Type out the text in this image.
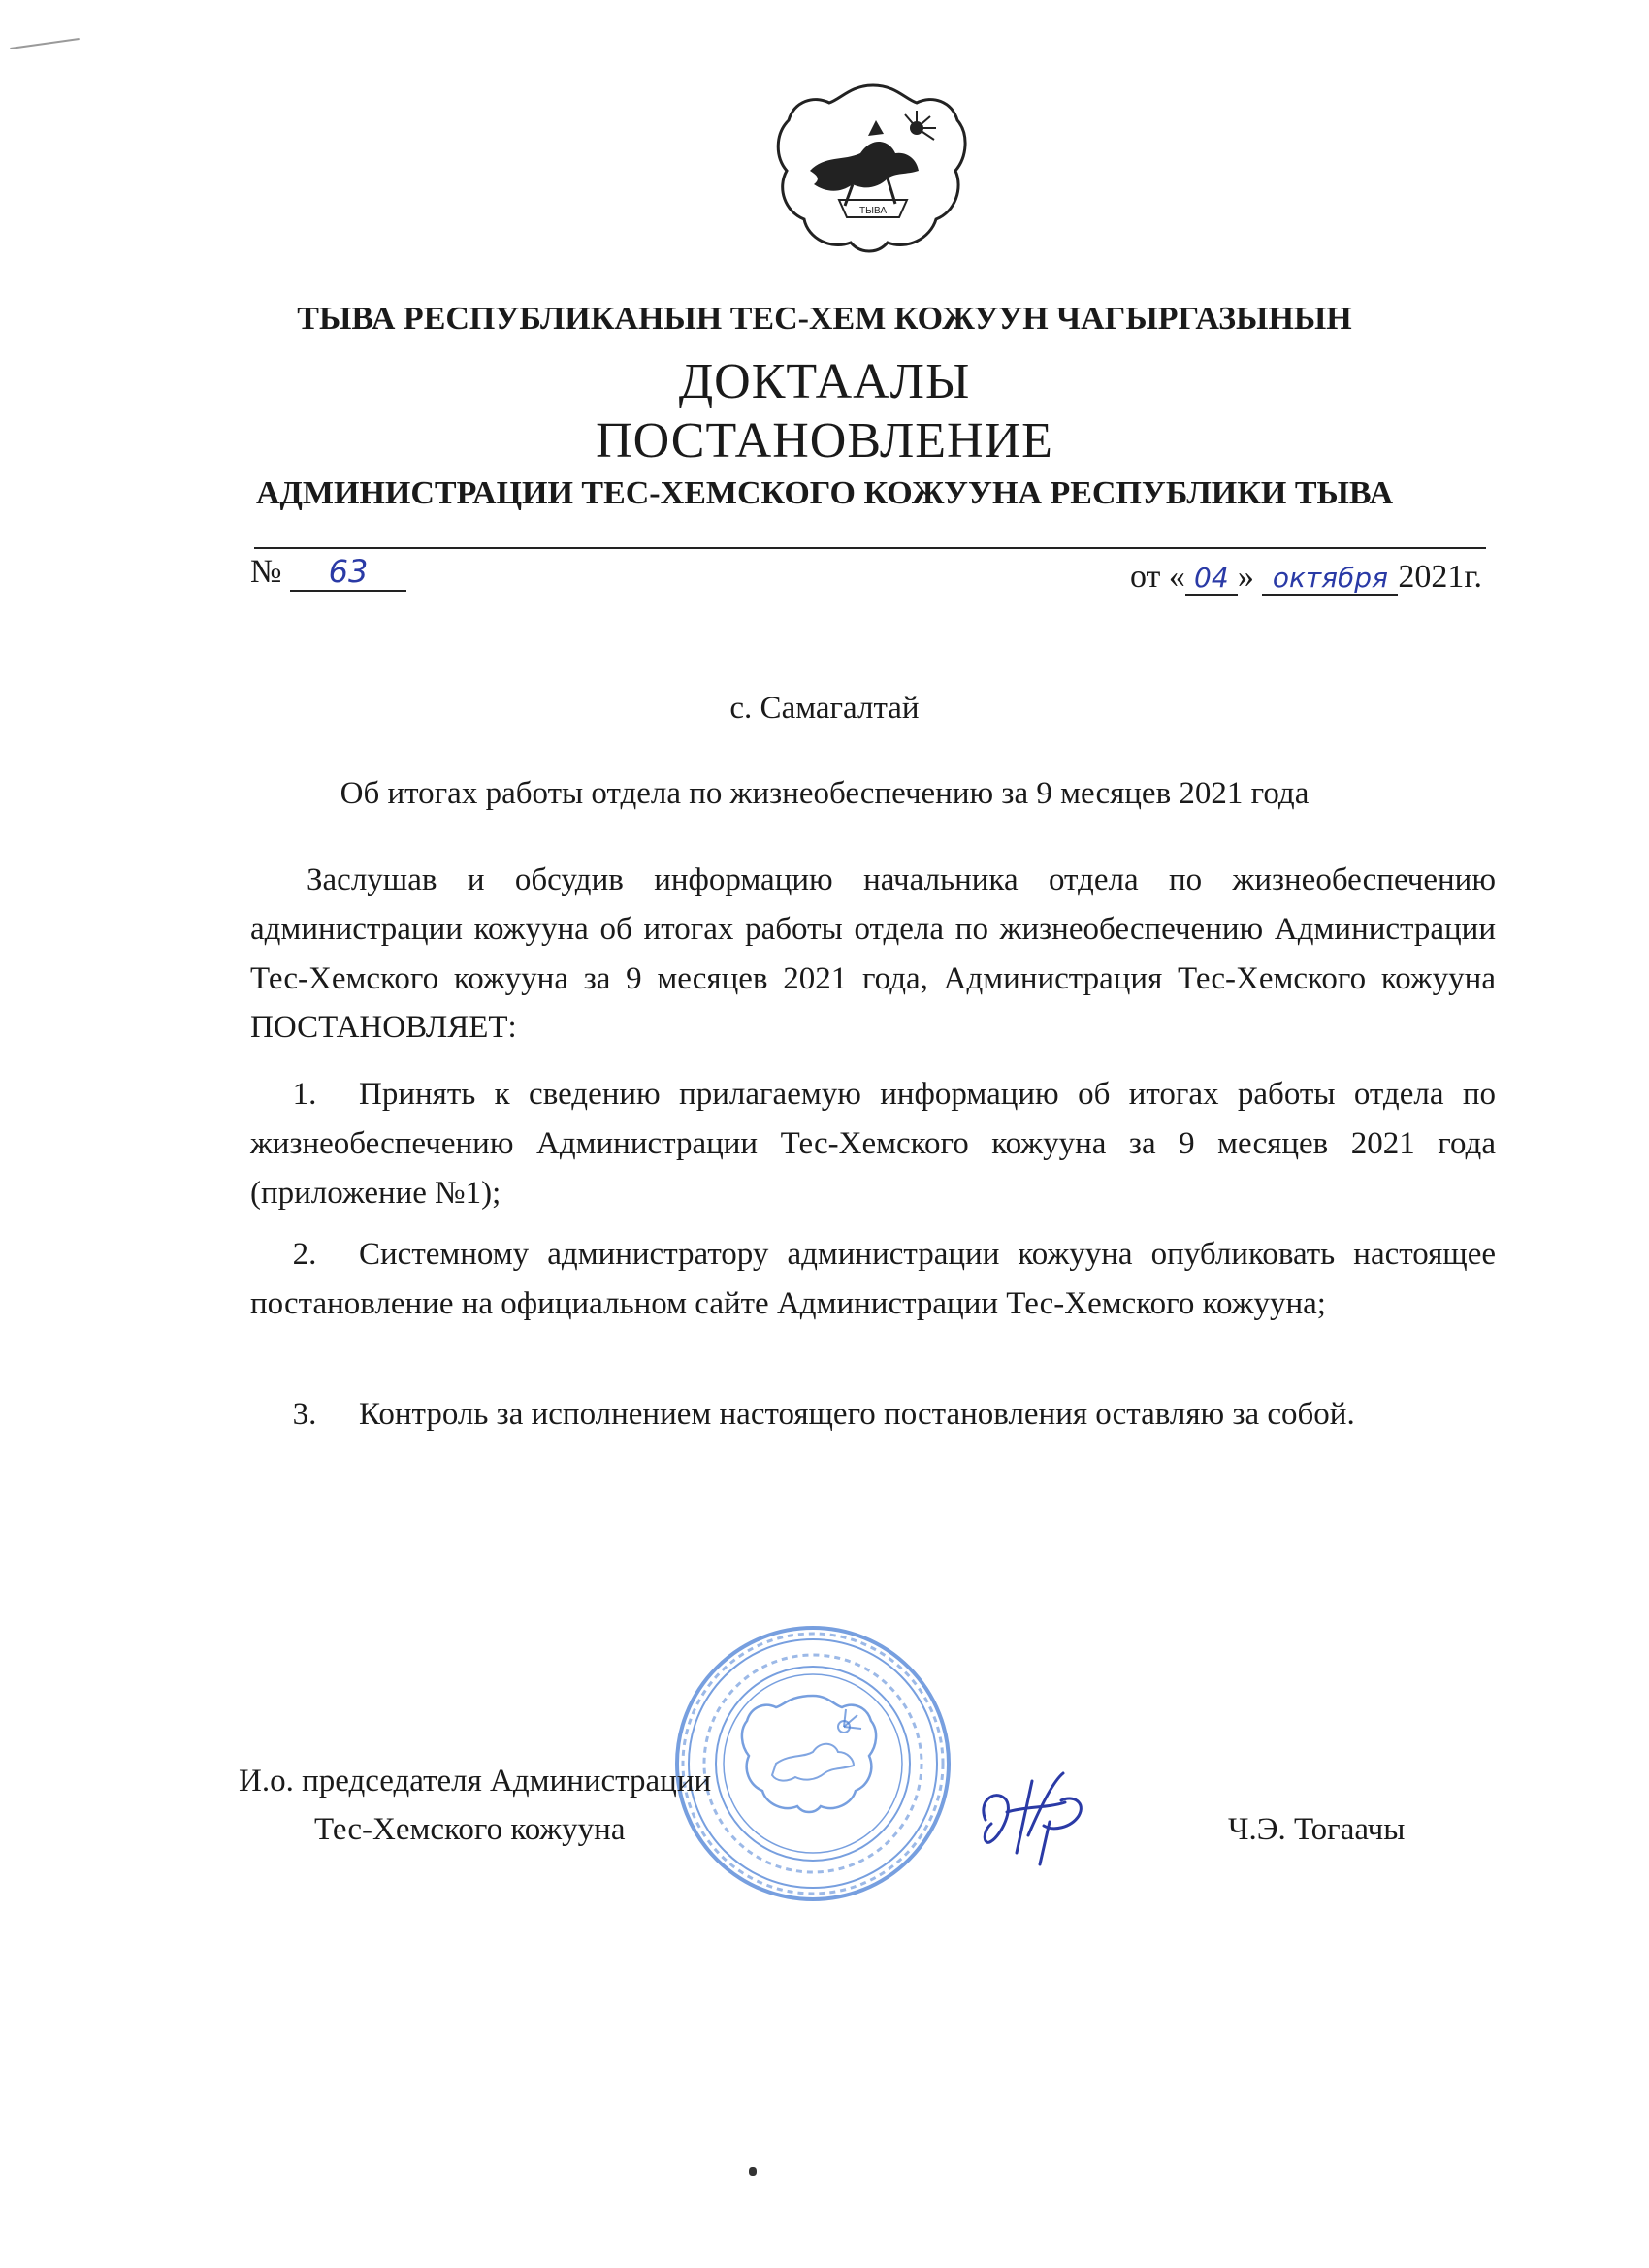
ТЫВА
ТЫВА РЕСПУБЛИКАНЫН ТЕС-ХЕМ КОЖУУН ЧАГЫРГАЗЫНЫН
ДОКТААЛЫ
ПОСТАНОВЛЕНИЕ
АДМИНИСТРАЦИИ ТЕС-ХЕМСКОГО КОЖУУНА РЕСПУБЛИКИ ТЫВА
№ 63	от « 04 » октября 2021г.
с. Самагалтай
Об итогах работы отдела по жизнеобеспечению за 9 месяцев 2021 года
Заслушав и обсудив информацию начальника отдела по жизнеобеспечению администрации кожууна об итогах работы отдела по жизнеобеспечению Администрации Тес-Хемского кожууна за 9 месяцев 2021 года, Администрация Тес-Хемского кожууна ПОСТАНОВЛЯЕТ:
1. Принять к сведению прилагаемую информацию об итогах работы отдела по жизнеобеспечению Администрации Тес-Хемского кожууна за 9 месяцев 2021 года (приложение №1);
2. Системному администратору администрации кожууна опубликовать настоящее постановление на официальном сайте Администрации Тес-Хемского кожууна;
3. Контроль за исполнением настоящего постановления оставляю за собой.
И.о. председателя Администрации
Тес-Хемского кожууна	Ч.Э. Тогаачы
